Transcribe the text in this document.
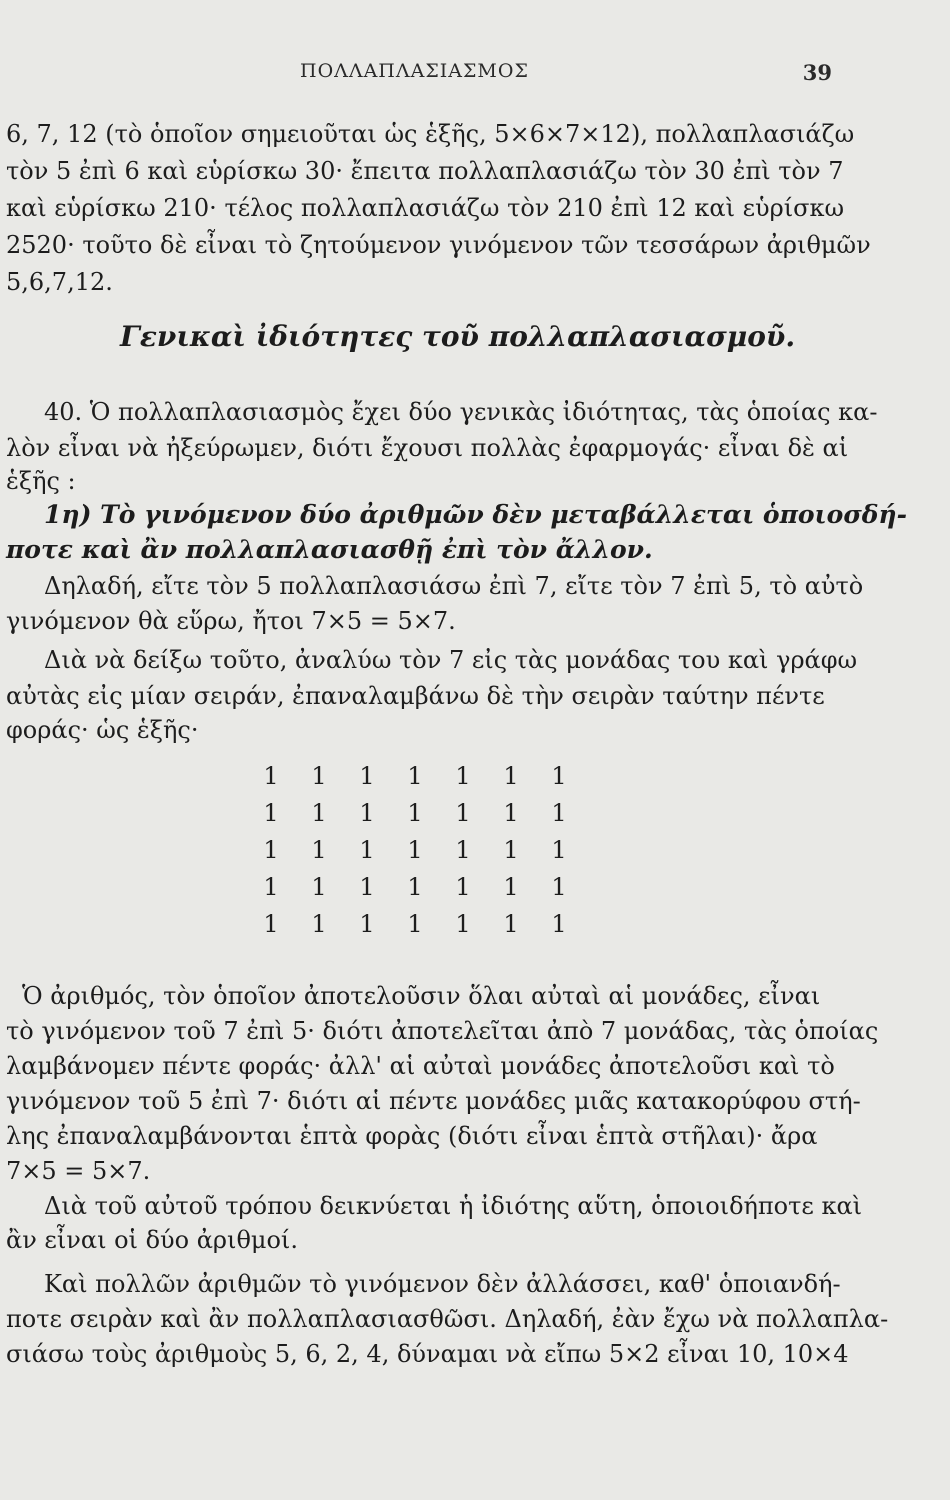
ΠΟΛΛΑΠΛΑΣΙΑΣΜΟΣ	39
6, 7, 12 (τὸ ὁποῖον σημειοῦται ὡς ἑξῆς, 5×6×7×12), πολλαπλασιάζω
τὸν 5 ἐπὶ 6 καὶ εὑρίσκω 30· ἔπειτα πολλαπλασιάζω τὸν 30 ἐπὶ τὸν 7
καὶ εὑρίσκω 210· τέλος πολλαπλασιάζω τὸν 210 ἐπὶ 12 καὶ εὑρίσκω
2520· τοῦτο δὲ εἶναι τὸ ζητούμενον γινόμενον τῶν τεσσάρων ἀριθμῶν
5,6,7,12.
Γενικαὶ ἰδιότητες τοῦ πολλαπλασιασμοῦ.
40. Ὁ πολλαπλασιασμὸς ἔχει δύο γενικὰς ἰδιότητας, τὰς ὁποίας κα-
λὸν εἶναι νὰ ἠξεύρωμεν, διότι ἔχουσι πολλὰς ἐφαρμογάς· εἶναι δὲ αἱ
ἑξῆς :
1η) Τὸ γινόμενον δύο ἀριθμῶν δὲν μεταβάλλεται ὁποιοσδή-
ποτε καὶ ἂν πολλαπλασιασθῇ ἐπὶ τὸν ἄλλον.
Δηλαδή, εἴτε τὸν 5 πολλαπλασιάσω ἐπὶ 7, εἴτε τὸν 7 ἐπὶ 5, τὸ αὐτὸ
γινόμενον θὰ εὕρω, ἤτοι 7×5 = 5×7.
Διὰ νὰ δείξω τοῦτο, ἀναλύω τὸν 7 εἰς τὰς μονάδας του καὶ γράφω
αὐτὰς εἰς μίαν σειράν, ἐπαναλαμβάνω δὲ τὴν σειρὰν ταύτην πέντε
φοράς· ὡς ἑξῆς·
1	1	1	1	1	1	1
1	1	1	1	1	1	1
1	1	1	1	1	1	1
1	1	1	1	1	1	1
1	1	1	1	1	1	1
Ὁ ἀριθμός, τὸν ὁποῖον ἀποτελοῦσιν ὅλαι αὐταὶ αἱ μονάδες, εἶναι
τὸ γινόμενον τοῦ 7 ἐπὶ 5· διότι ἀποτελεῖται ἀπὸ 7 μονάδας, τὰς ὁποίας
λαμβάνομεν πέντε φοράς· ἀλλ' αἱ αὐταὶ μονάδες ἀποτελοῦσι καὶ τὸ
γινόμενον τοῦ 5 ἐπὶ 7· διότι αἱ πέντε μονάδες μιᾶς κατακορύφου στή-
λης ἐπαναλαμβάνονται ἑπτὰ φορὰς (διότι εἶναι ἑπτὰ στῆλαι)· ἄρα
7×5 = 5×7.
Διὰ τοῦ αὐτοῦ τρόπου δεικνύεται ἡ ἰδιότης αὕτη, ὁποιοιδήποτε καὶ
ἂν εἶναι οἱ δύο ἀριθμοί.
Καὶ πολλῶν ἀριθμῶν τὸ γινόμενον δὲν ἀλλάσσει, καθ' ὁποιανδή-
ποτε σειρὰν καὶ ἂν πολλαπλασιασθῶσι. Δηλαδή, ἐὰν ἔχω νὰ πολλαπλα-
σιάσω τοὺς ἀριθμοὺς 5, 6, 2, 4, δύναμαι νὰ εἴπω 5×2 εἶναι 10, 10×4
